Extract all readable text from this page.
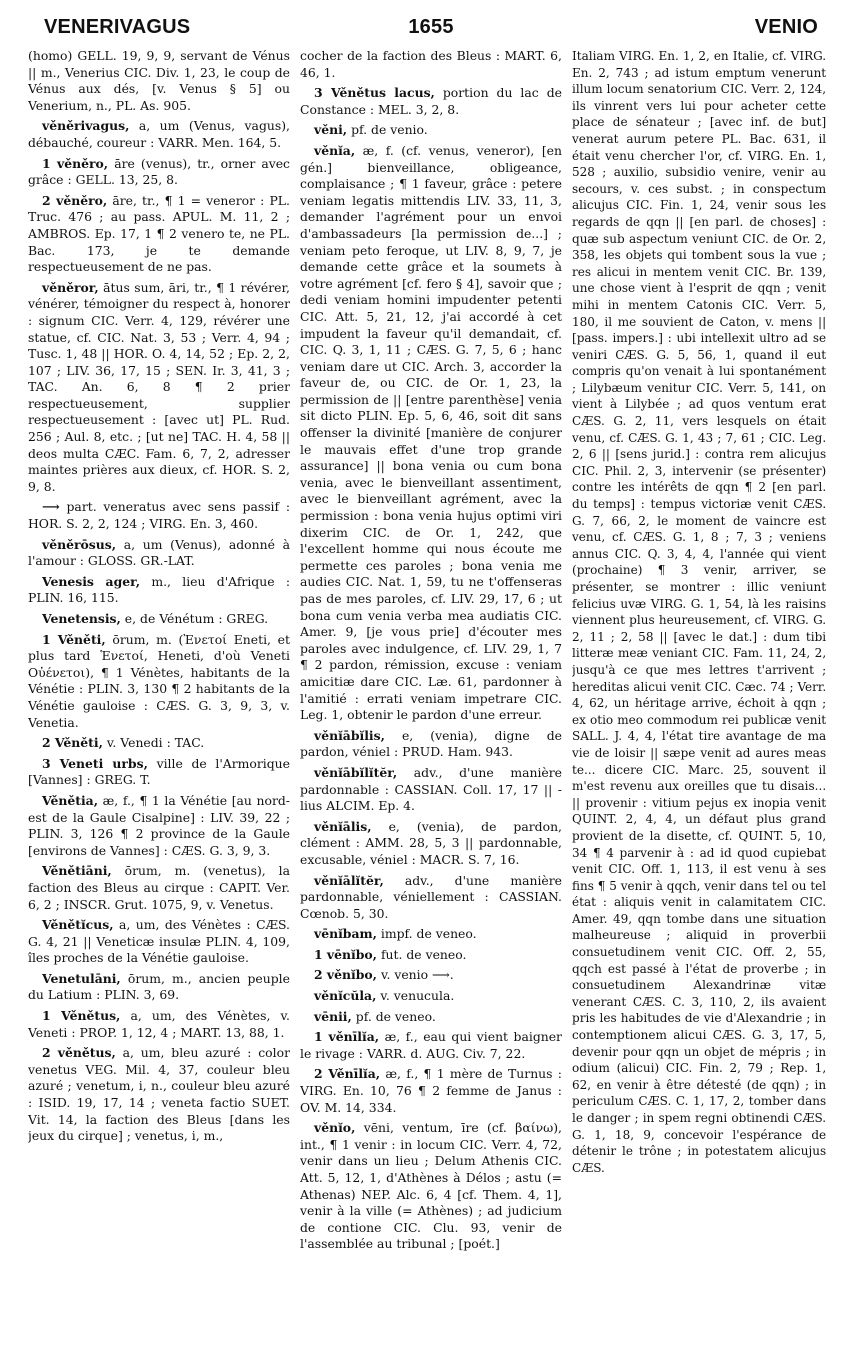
VENERIVAGUS	1655	VENIO

(homo) GELL. 19, 9, 9, servant de Vénus || m., Venerius CIC. Div. 1, 23, le coup de Vénus aux dés, [v. Venus § 5] ou Venerium, n., PL. As. 905.

věněrivagus, a, um (Venus, vagus), débauché, coureur : VARR. Men. 164, 5.

1 věněro, āre (venus), tr., orner avec grâce : GELL. 13, 25, 8.

2 věněro, āre, tr., ¶ 1 = veneror : PL. Truc. 476 ; au pass. APUL. M. 11, 2 ; AMBROS. Ep. 17, 1 ¶ 2 venero te, ne PL. Bac. 173, je te demande respectueusement de ne pas.

věněror, ātus sum, āri, tr., ¶ 1 révérer, vénérer, témoigner du respect à, honorer : signum CIC. Verr. 4, 129, révérer une statue, cf. CIC. Nat. 3, 53 ; Verr. 4, 94 ; Tusc. 1, 48 || HOR. O. 4, 14, 52 ; Ep. 2, 2, 107 ; LIV. 36, 17, 15 ; SEN. Ir. 3, 41, 3 ; TAC. An. 6, 8 ¶ 2 prier respectueusement, supplier respectueusement : [avec ut] PL. Rud. 256 ; Aul. 8, etc. ; [ut ne] TAC. H. 4, 58 || deos multa CÆC. Fam. 6, 7, 2, adresser maintes prières aux dieux, cf. HOR. S. 2, 9, 8.

⟶ part. veneratus avec sens passif : HOR. S. 2, 2, 124 ; VIRG. En. 3, 460.

věněrōsus, a, um (Venus), adonné à l'amour : GLOSS. GR.-LAT.

Venesis ager, m., lieu d'Afrique : PLIN. 16, 115.

Venetensis, e, de Vénétum : GREG.

1 Věněti, ōrum, m. (Ἐνετοί Eneti, et plus tard Ἑνετοί, Heneti, d'où Veneti Οὐένετοι), ¶ 1 Vénètes, habitants de la Vénétie : PLIN. 3, 130 ¶ 2 habitants de la Vénétie gauloise : CÆS. G. 3, 9, 3, v. Venetia.

2 Věněti, v. Venedi : TAC.

3 Veneti urbs, ville de l'Armorique [Vannes] : GREG. T.

Věnětia, æ, f., ¶ 1 la Vénétie [au nord-est de la Gaule Cisalpine] : LIV. 39, 22 ; PLIN. 3, 126 ¶ 2 province de la Gaule [environs de Vannes] : CÆS. G. 3, 9, 3.

Věnětiāni, ōrum, m. (venetus), la faction des Bleus au cirque : CAPIT. Ver. 6, 2 ; INSCR. Grut. 1075, 9, v. Venetus.

Věnětĭcus, a, um, des Vénètes : CÆS. G. 4, 21 || Veneticæ insulæ PLIN. 4, 109, îles proches de la Vénétie gauloise.

Venetulāni, ōrum, m., ancien peuple du Latium : PLIN. 3, 69.

1 Věnětus, a, um, des Vénètes, v. Veneti : PROP. 1, 12, 4 ; MART. 13, 88, 1.

2 věnětus, a, um, bleu azuré : color venetus VEG. Mil. 4, 37, couleur bleu azuré ; venetum, i, n., couleur bleu azuré : ISID. 19, 17, 14 ; veneta factio SUET. Vit. 14, la faction des Bleus [dans les jeux du cirque] ; venetus, i, m.,

cocher de la faction des Bleus : MART. 6, 46, 1.

3 Věnětus lacus, portion du lac de Constance : MEL. 3, 2, 8.

věni, pf. de venio.

věnĭa, æ, f. (cf. venus, veneror), [en gén.] bienveillance, obligeance, complaisance ; ¶ 1 faveur, grâce : petere veniam legatis mittendis LIV. 33, 11, 3, demander l'agrément pour un envoi d'ambassadeurs [la permission de...] ; veniam peto feroque, ut LIV. 8, 9, 7, je demande cette grâce et la soumets à votre agrément [cf. fero § 4], savoir que ; dedi veniam homini impudenter petenti CIC. Att. 5, 21, 12, j'ai accordé à cet impudent la faveur qu'il demandait, cf. CIC. Q. 3, 1, 11 ; CÆS. G. 7, 5, 6 ; hanc veniam dare ut CIC. Arch. 3, accorder la faveur de, ou CIC. de Or. 1, 23, la permission de || [entre parenthèse] venia sit dicto PLIN. Ep. 5, 6, 46, soit dit sans offenser la divinité [manière de conjurer le mauvais effet d'une trop grande assurance] || bona venia ou cum bona venia, avec le bienveillant assentiment, avec le bienveillant agrément, avec la permission : bona venia hujus optimi viri dixerim CIC. de Or. 1, 242, que l'excellent homme qui nous écoute me permette ces paroles ; bona venia me audies CIC. Nat. 1, 59, tu ne t'offenseras pas de mes paroles, cf. LIV. 29, 17, 6 ; ut bona cum venia verba mea audiatis CIC. Amer. 9, [je vous prie] d'écouter mes paroles avec indulgence, cf. LIV. 29, 1, 7 ¶ 2 pardon, rémission, excuse : veniam amicitiæ dare CIC. Læ. 61, pardonner à l'amitié : errati veniam impetrare CIC. Leg. 1, obtenir le pardon d'une erreur.

věnĭābĭlis, e, (venia), digne de pardon, véniel : PRUD. Ham. 943.

věnĭābĭlĭtĕr, adv., d'une manière pardonnable : CASSIAN. Coll. 17, 17 || -lius ALCIM. Ep. 4.

věnĭālis, e, (venia), de pardon, clément : AMM. 28, 5, 3 || pardonnable, excusable, véniel : MACR. S. 7, 16.

věnĭālĭtĕr, adv., d'une manière pardonnable, véniellement : CASSIAN. Cœnob. 5, 30.

vēnĭbam, impf. de veneo.

1 vēnĭbo, fut. de veneo.

2 věnĭbo, v. venio ⟶.

věnĭcŭla, v. venucula.

vēnii, pf. de veneo.

1 věnīlĭa, æ, f., eau qui vient baigner le rivage : VARR. d. AUG. Civ. 7, 22.

2 Věnīlĭa, æ, f., ¶ 1 mère de Turnus : VIRG. En. 10, 76 ¶ 2 femme de Janus : OV. M. 14, 334.

věnĭo, vēni, ventum, īre (cf. βαίνω), int., ¶ 1 venir : in locum CIC. Verr. 4, 72, venir dans un lieu ; Delum Athenis CIC. Att. 5, 12, 1, d'Athènes à Délos ; astu (= Athenas) NEP. Alc. 6, 4 [cf. Them. 4, 1], venir à la ville (= Athènes) ; ad judicium de contione CIC. Clu. 93, venir de l'assemblée au tribunal ; [poét.]

Italiam VIRG. En. 1, 2, en Italie, cf. VIRG. En. 2, 743 ; ad istum emptum venerunt illum locum senatorium CIC. Verr. 2, 124, ils vinrent vers lui pour acheter cette place de sénateur ; [avec inf. de but] venerat aurum petere PL. Bac. 631, il était venu chercher l'or, cf. VIRG. En. 1, 528 ; auxilio, subsidio venire, venir au secours, v. ces subst. ; in conspectum alicujus CIC. Fin. 1, 24, venir sous les regards de qqn || [en parl. de choses] : quæ sub aspectum veniunt CIC. de Or. 2, 358, les objets qui tombent sous la vue ; res alicui in mentem venit CIC. Br. 139, une chose vient à l'esprit de qqn ; venit mihi in mentem Catonis CIC. Verr. 5, 180, il me souvient de Caton, v. mens || [pass. impers.] : ubi intellexit ultro ad se veniri CÆS. G. 5, 56, 1, quand il eut compris qu'on venait à lui spontanément ; Lilybæum venitur CIC. Verr. 5, 141, on vient à Lilybée ; ad quos ventum erat CÆS. G. 2, 11, vers lesquels on était venu, cf. CÆS. G. 1, 43 ; 7, 61 ; CIC. Leg. 2, 6 || [sens jurid.] : contra rem alicujus CIC. Phil. 2, 3, intervenir (se présenter) contre les intérêts de qqn ¶ 2 [en parl. du temps] : tempus victoriæ venit CÆS. G. 7, 66, 2, le moment de vaincre est venu, cf. CÆS. G. 1, 8 ; 7, 3 ; veniens annus CIC. Q. 3, 4, 4, l'année qui vient (prochaine) ¶ 3 venir, arriver, se présenter, se montrer : illic veniunt felicius uvæ VIRG. G. 1, 54, là les raisins viennent plus heureusement, cf. VIRG. G. 2, 11 ; 2, 58 || [avec le dat.] : dum tibi litteræ meæ veniant CIC. Fam. 11, 24, 2, jusqu'à ce que mes lettres t'arrivent ; hereditas alicui venit CIC. Cæc. 74 ; Verr. 4, 62, un héritage arrive, échoit à qqn ; ex otio meo commodum rei publicæ venit SALL. J. 4, 4, l'état tire avantage de ma vie de loisir || sæpe venit ad aures meas te... dicere CIC. Marc. 25, souvent il m'est revenu aux oreilles que tu disais... || provenir : vitium pejus ex inopia venit QUINT. 2, 4, 4, un défaut plus grand provient de la disette, cf. QUINT. 5, 10, 34 ¶ 4 parvenir à : ad id quod cupiebat venit CIC. Off. 1, 113, il est venu à ses fins ¶ 5 venir à qqch, venir dans tel ou tel état : aliquis venit in calamitatem CIC. Amer. 49, qqn tombe dans une situation malheureuse ; aliquid in proverbii consuetudinem venit CIC. Off. 2, 55, qqch est passé à l'état de proverbe ; in consuetudinem Alexandrinæ vitæ venerant CÆS. C. 3, 110, 2, ils avaient pris les habitudes de vie d'Alexandrie ; in contemptionem alicui CÆS. G. 3, 17, 5, devenir pour qqn un objet de mépris ; in odium (alicui) CIC. Fin. 2, 79 ; Rep. 1, 62, en venir à être détesté (de qqn) ; in periculum CÆS. C. 1, 17, 2, tomber dans le danger ; in spem regni obtinendi CÆS. G. 1, 18, 9, concevoir l'espérance de détenir le trône ; in potestatem alicujus CÆS.
